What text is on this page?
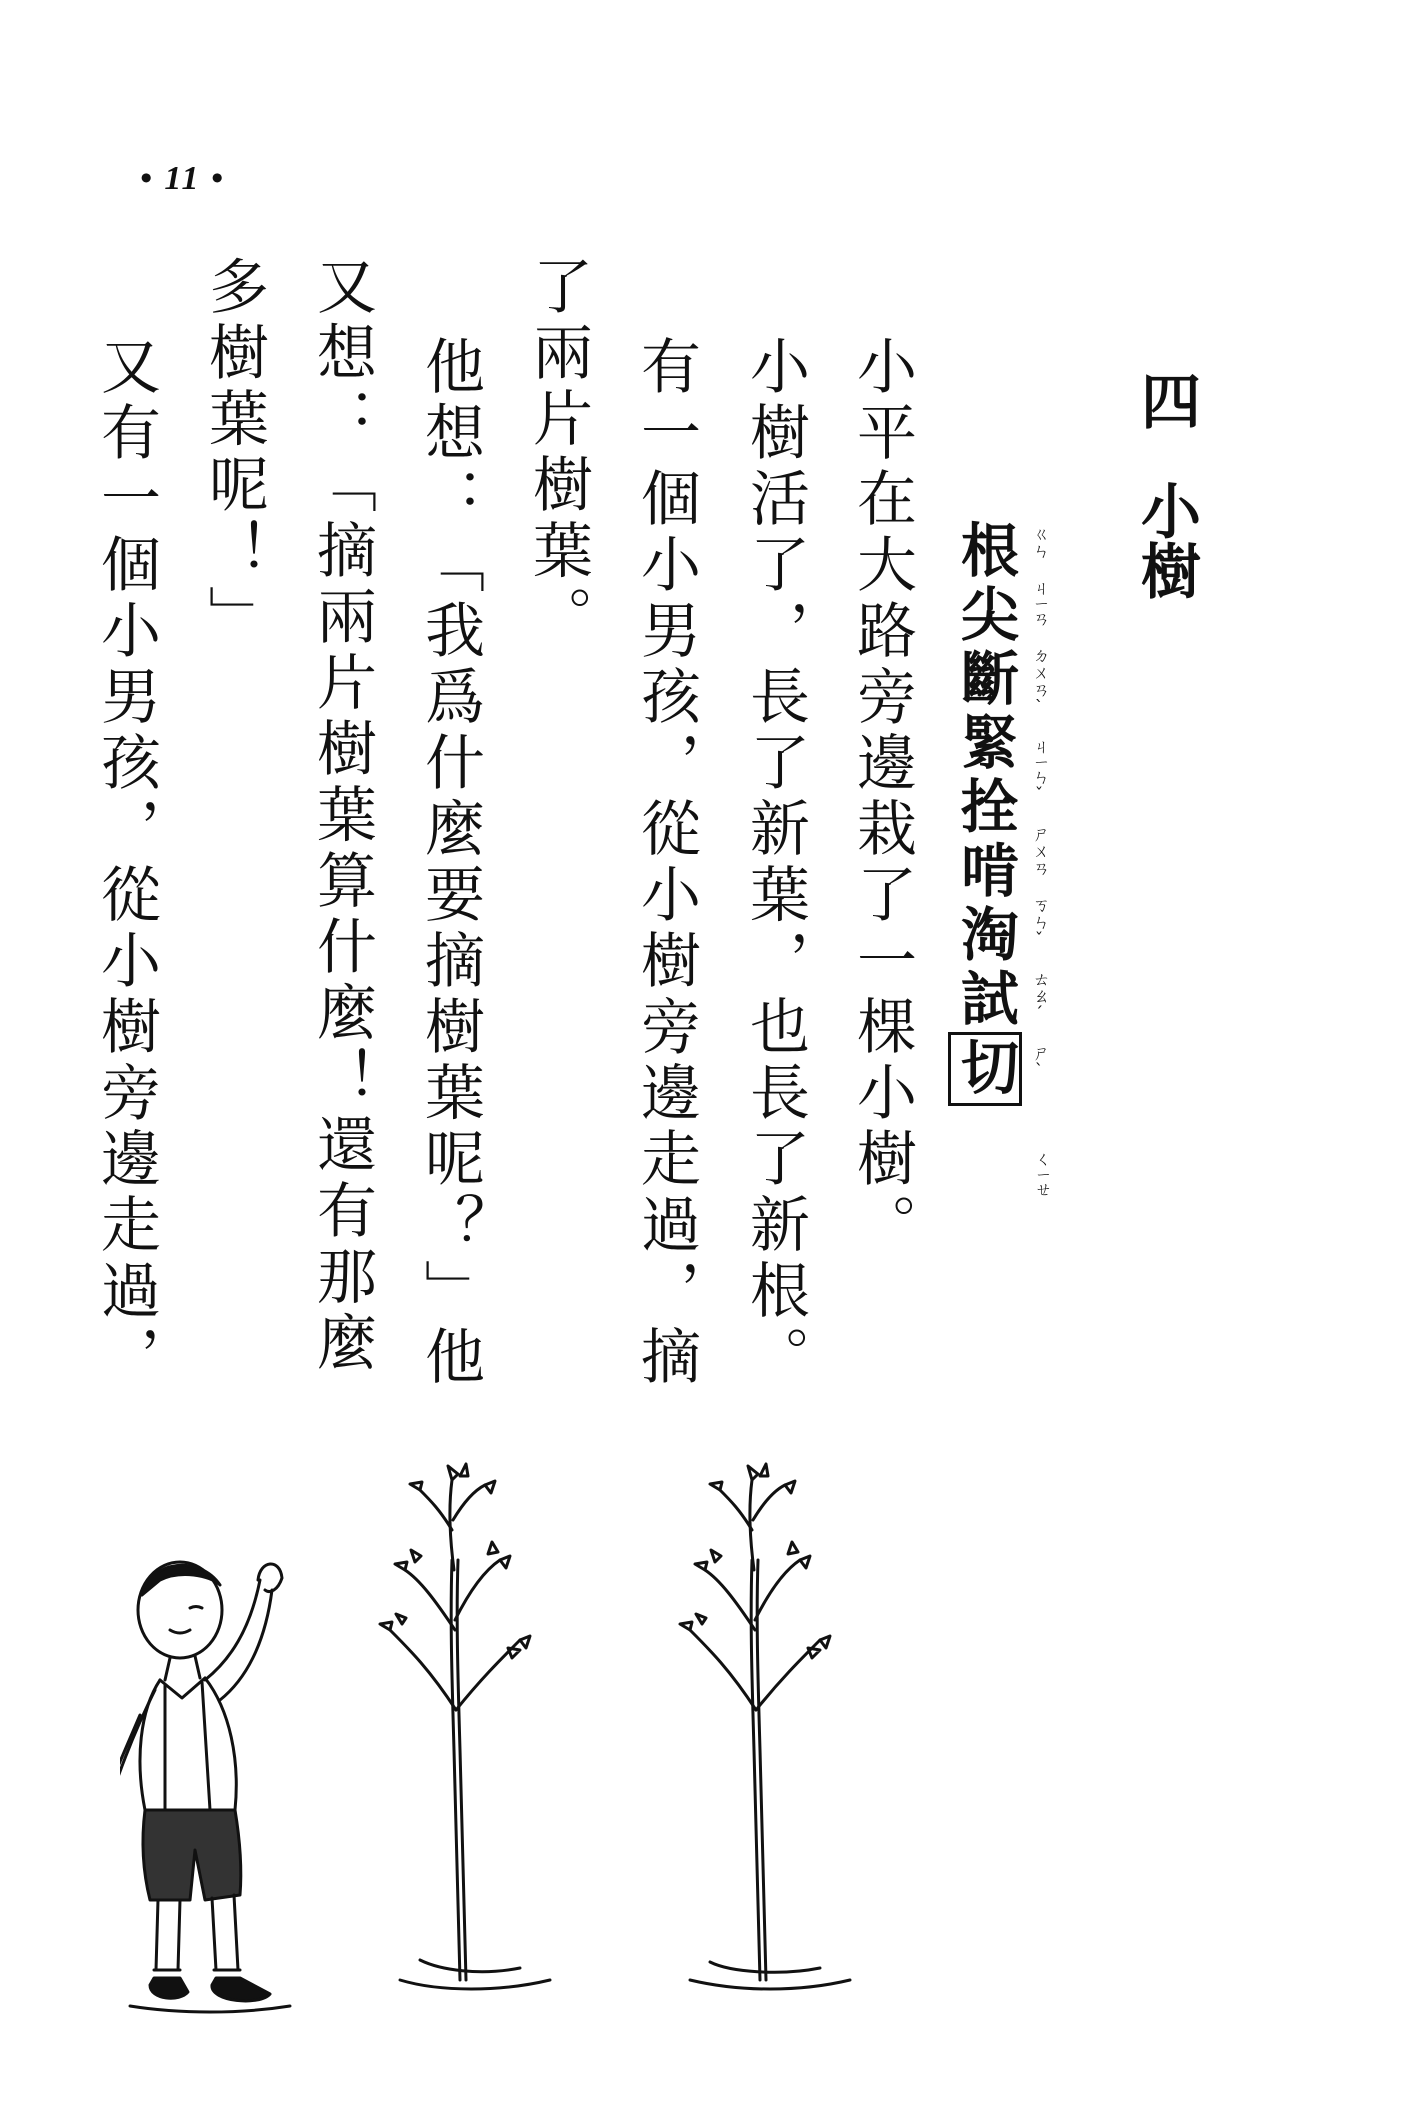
• 11 •
四小樹
根尖斷緊拴啃淘試切 ㄍㄣ ㄐㄧㄢ ㄉㄨㄢˋ ㄐㄧㄣˇ ㄕㄨㄢ ㄎㄣˇ ㄊㄠˊ ㄕˋ
ㄑㄧㄝ
小平在大路旁邊栽了一棵小樹。
小樹活了，長了新葉，也長了新根。
有一個小男孩，從小樹旁邊走過，摘
了兩片樹葉。
他想：「我爲什麼要摘樹葉呢？」他
又想：「摘兩片樹葉算什麼！還有那麼
多樹葉呢！」
又有一個小男孩，從小樹旁邊走過，
